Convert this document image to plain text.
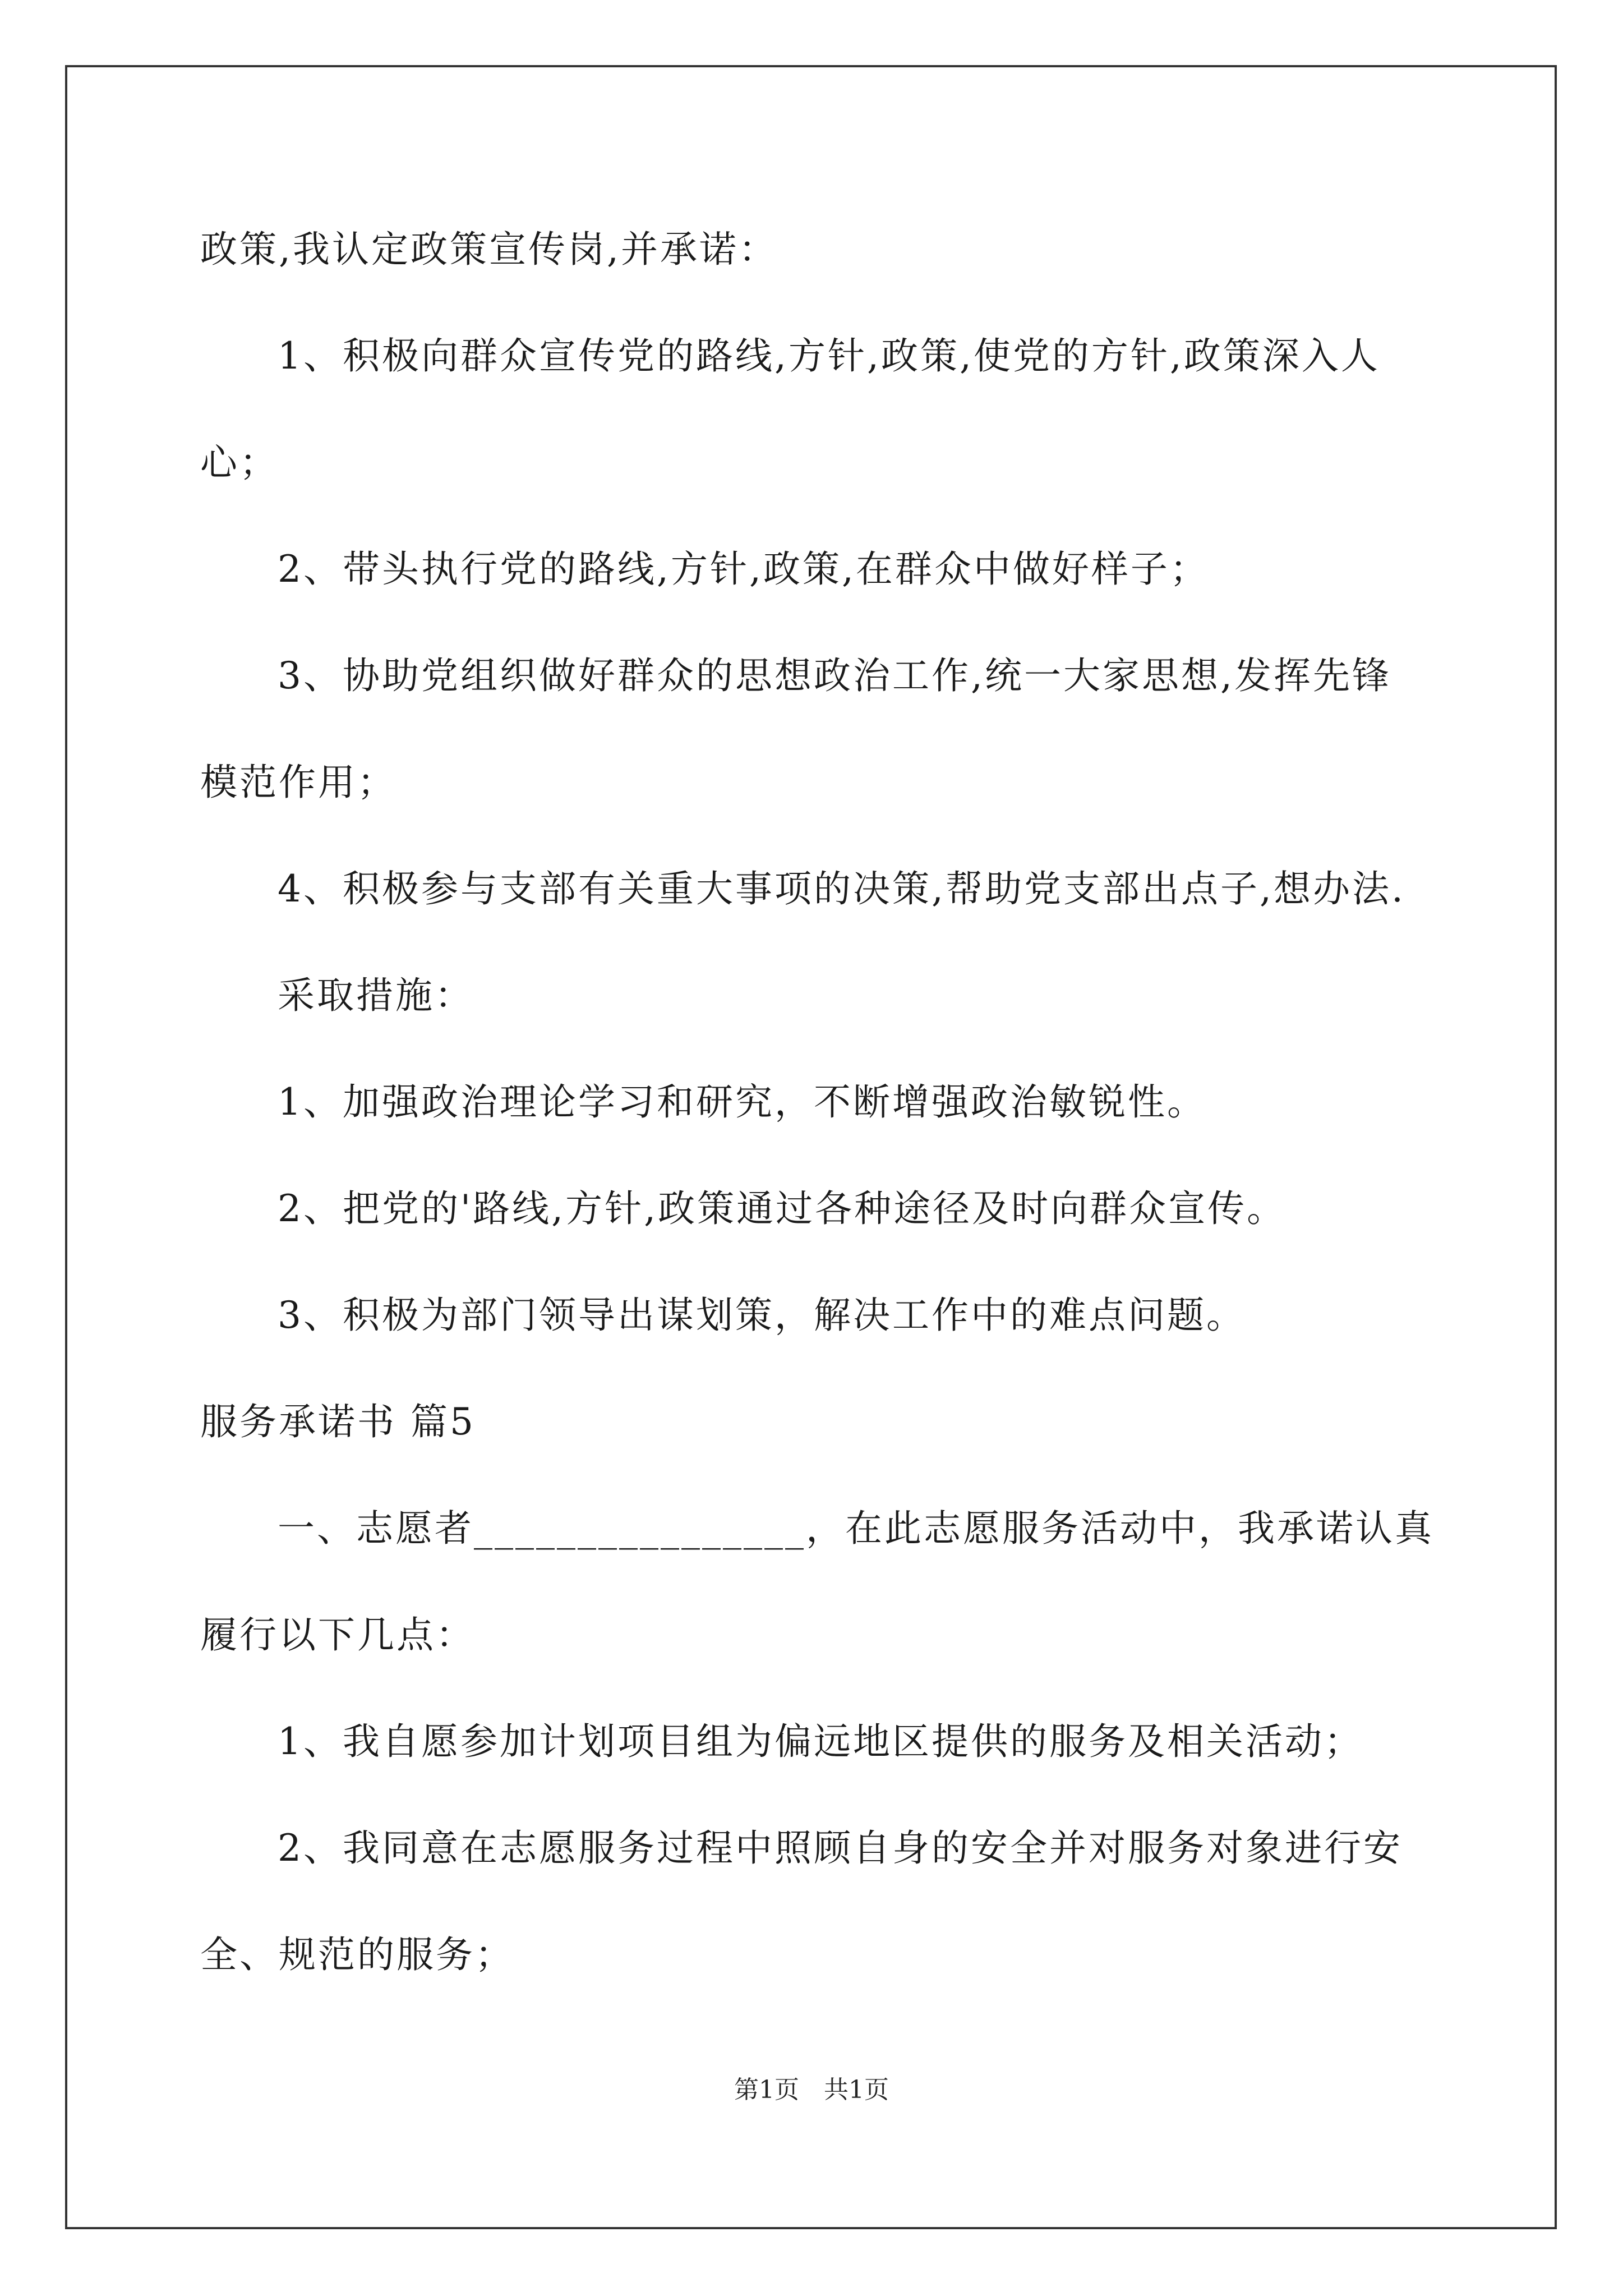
政策,我认定政策宣传岗,并承诺：
1、积极向群众宣传党的路线,方针,政策,使党的方针,政策深入人
心；
2、带头执行党的路线,方针,政策,在群众中做好样子；
3、协助党组织做好群众的思想政治工作,统一大家思想,发挥先锋
模范作用；
4、积极参与支部有关重大事项的决策,帮助党支部出点子,想办法.
采取措施：
1、加强政治理论学习和研究，不断增强政治敏锐性。
2、把党的'路线,方针,政策通过各种途径及时向群众宣传。
3、积极为部门领导出谋划策，解决工作中的难点问题。
服务承诺书 篇5
一、志愿者________________，在此志愿服务活动中，我承诺认真
履行以下几点：
1、我自愿参加计划项目组为偏远地区提供的服务及相关活动；
2、我同意在志愿服务过程中照顾自身的安全并对服务对象进行安
全、规范的服务；
第1页　共1页
